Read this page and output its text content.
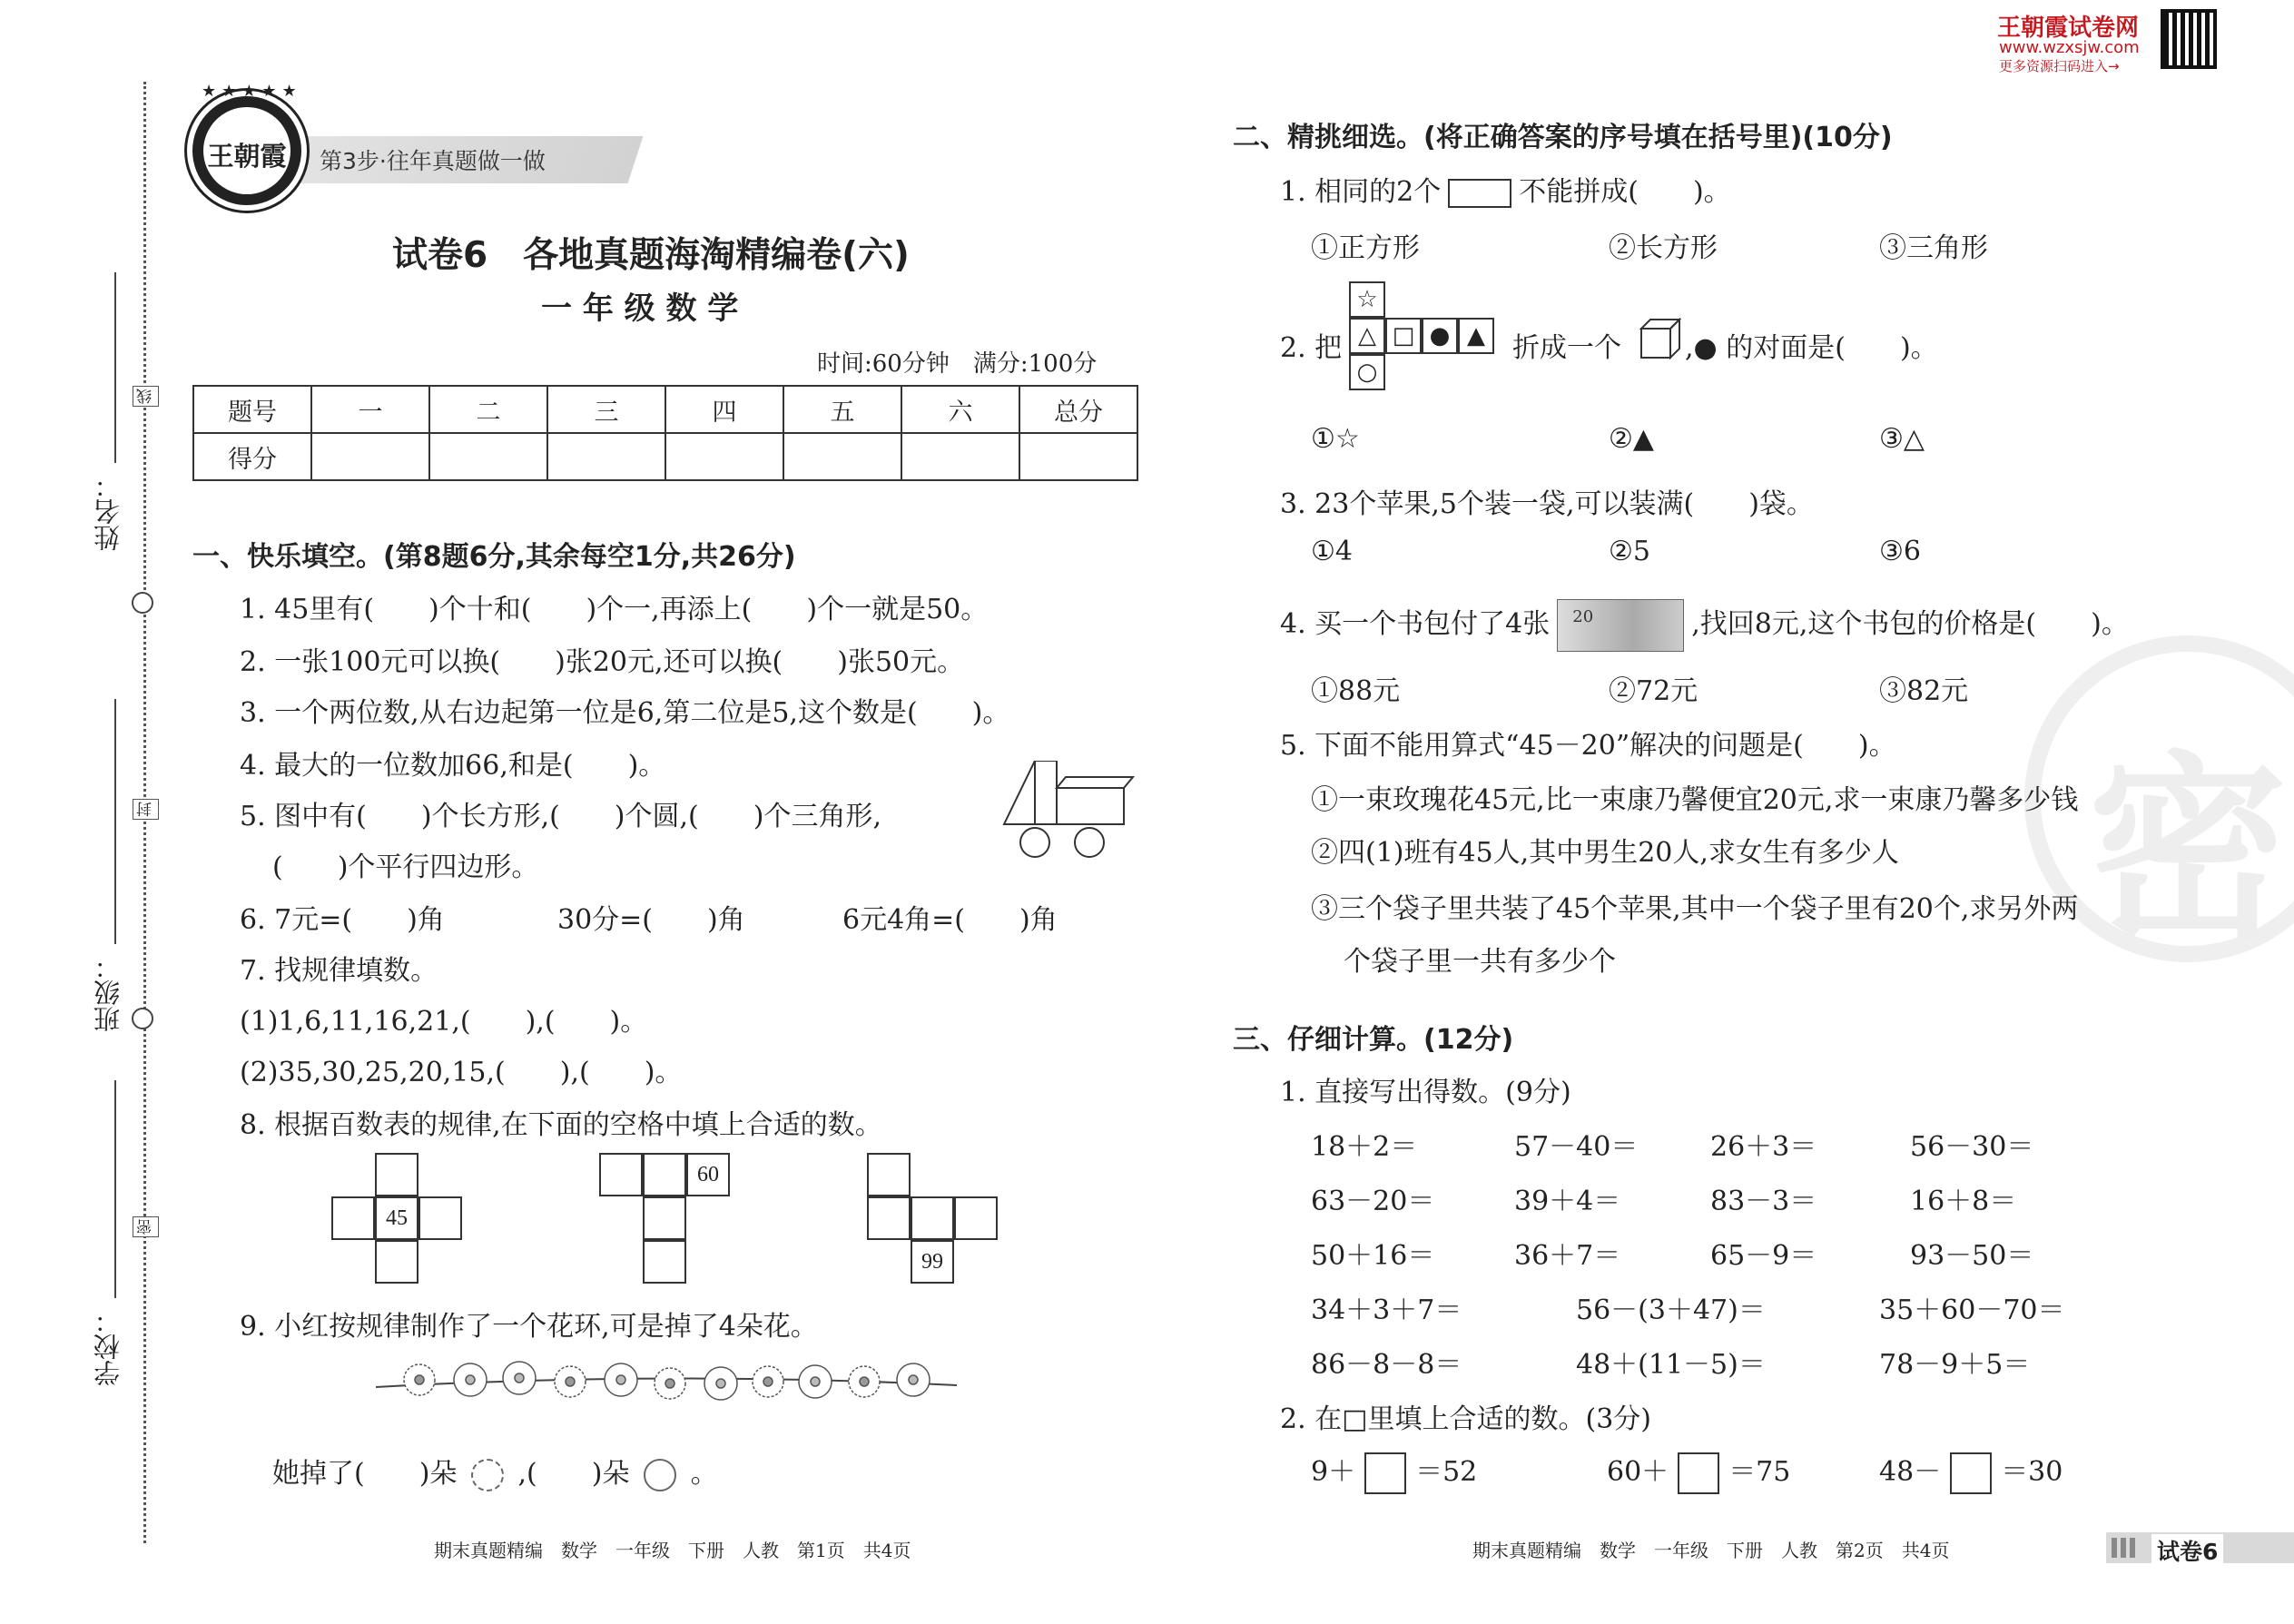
姓名：
线
班级：
封
学校：
密
第3步·往年真题做一做
王朝霞
★★★★★
试卷6　各地真题海淘精编卷(六)
一 年 级 数 学
时间:60分钟　满分:100分
题号	一	二	三	四	五	六	总分
得分							
一、快乐填空。(第8题6分,其余每空1分,共26分)
1. 45里有(　　)个十和(　　)个一,再添上(　　)个一就是50。
2. 一张100元可以换(　　)张20元,还可以换(　　)张50元。
3. 一个两位数,从右边起第一位是6,第二位是5,这个数是(　　)。
4. 最大的一位数加66,和是(　　)。
5. 图中有(　　)个长方形,(　　)个圆,(　　)个三角形,
(　　)个平行四边形。
6. 7元=(　　)角	30分=(　　)角	6元4角=(　　)角
7. 找规律填数。
(1)1,6,11,16,21,(　　),(　　)。
(2)35,30,25,20,15,(　　),(　　)。
8. 根据百数表的规律,在下面的空格中填上合适的数。
45
60
99
9. 小红按规律制作了一个花环,可是掉了4朵花。
她掉了(　　)朵 ,(　　)朵 。
期末真题精编　数学　一年级　下册　人教　第1页　共4页
王朝霞试卷网
www.wzxsjw.com
更多资源扫码进入→
密
二、精挑细选。(将正确答案的序号填在括号里)(10分)
1. 相同的2个	不能拼成(　　)。
①正方形	②长方形	③三角形
2. 把
☆
△ □ ● ▲
○
折成一个 ,● 的对面是(　　)。
①☆	②▲	③△
3. 23个苹果,5个装一袋,可以装满(　　)袋。
①4	②5	③6
4. 买一个书包付了4张 20	,找回8元,这个书包的价格是(　　)。
①88元	②72元	③82元
5. 下面不能用算式“45－20”解决的问题是(　　)。
①一束玫瑰花45元,比一束康乃馨便宜20元,求一束康乃馨多少钱
②四(1)班有45人,其中男生20人,求女生有多少人
③三个袋子里共装了45个苹果,其中一个袋子里有20个,求另外两
个袋子里一共有多少个
三、仔细计算。(12分)
1. 直接写出得数。(9分)
18＋2＝	57－40＝	26＋3＝	56－30＝
63－20＝	39＋4＝	83－3＝	16＋8＝
50＋16＝	36＋7＝	65－9＝	93－50＝
34＋3＋7＝	56－(3＋47)＝	35＋60－70＝
86－8－8＝	48＋(11－5)＝	78－9＋5＝
2. 在□里填上合适的数。(3分)
9＋ ＝52	60＋ ＝75	48－ ＝30
期末真题精编　数学　一年级　下册　人教　第2页　共4页	试卷6
